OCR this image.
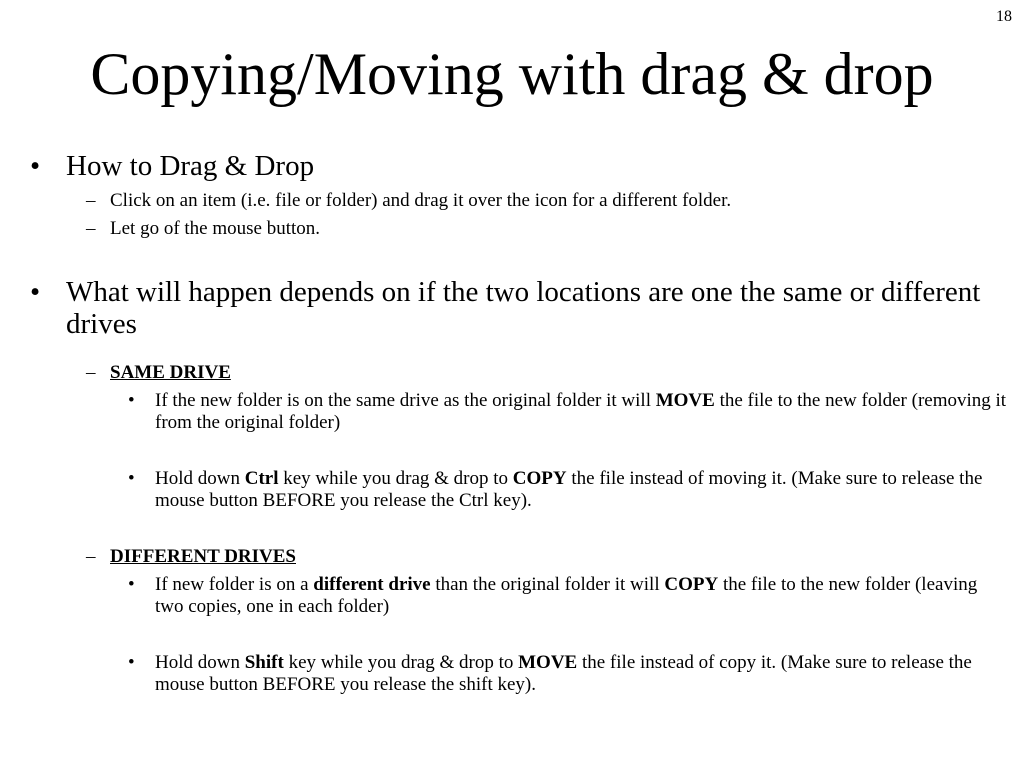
18
Copying/Moving with drag & drop
• How to Drag & Drop
– Click on an item (i.e. file or folder) and drag it over the icon for a different folder.
– Let go of the mouse button.
• What will happen depends on if the two locations are one the same or different drives
– SAME DRIVE
• If the new folder is on the same drive as the original folder it will MOVE the file to the new folder (removing it from the original folder)
• Hold down Ctrl key while you drag & drop to COPY the file instead of moving it. (Make sure to release the mouse button BEFORE you release the Ctrl key).
– DIFFERENT DRIVES
• If new folder is on a different drive than the original folder it will COPY the file to the new folder (leaving two copies, one in each folder)
• Hold down Shift key while you drag & drop to MOVE the file instead of copy it. (Make sure to release the mouse button BEFORE you release the shift key).
